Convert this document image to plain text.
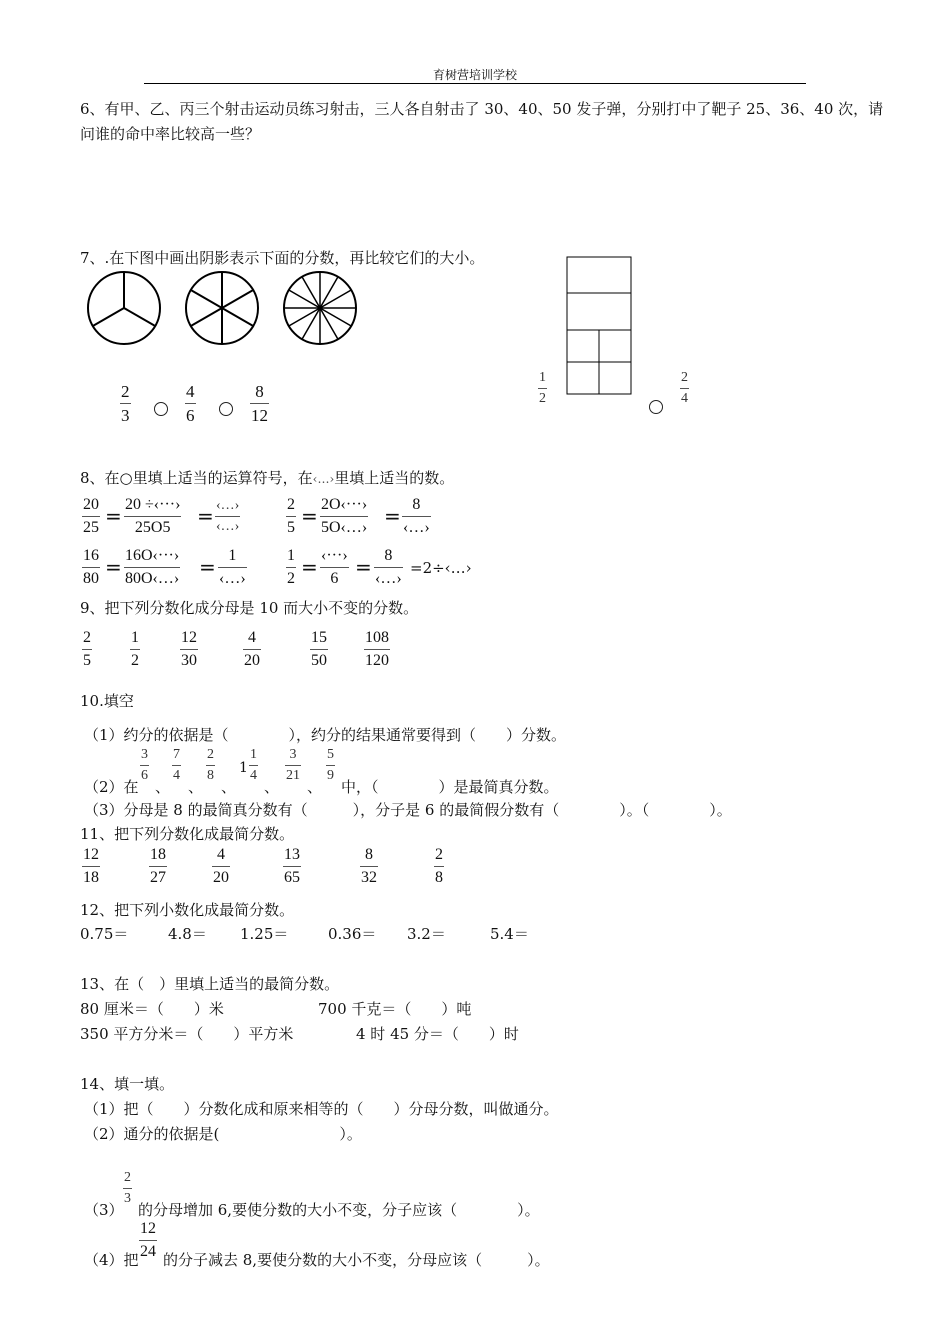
育树营培训学校
6、有甲、乙、丙三个射击运动员练习射击，三人各自射击了 30、40、50 发子弹，分别打中了靶子 25、36、40 次，请
问谁的命中率比较高一些？
7、.在下图中画出阴影表示下面的分数，再比较它们的大小。
2
3
4
6
8
12
1
2
2
4
8、在○里填上适当的运算符号，在‹…›里填上适当的数。
20
25 = 20 ÷‹···›
25O5 = ‹…›
‹…›
2
5 = 2O‹···›
5O‹…› = 8
‹…›
16
80 = 16O‹···›
80O‹…› = 1
‹…›
1
2 = ‹···›
6 = 8
‹…›
=2÷‹…›
9、把下列分数化成分母是 10 而大小不变的分数。
2
5
1
2
12
30
4
20
15
50
108
120
10.填空
（1）约分的依据是（　　　　），约分的结果通常要得到（　　）分数。
（2）在
3
6
、
7
4
、
2
8
、
1
1
4
、
3
21
、
5
9
中，（　　　　）是最简真分数。
（3）分母是 8 的最简真分数有（　　　），分子是 6 的最简假分数有（　　　　）。（　　　　）。
11、把下列分数化成最简分数。
12
18
18
27
4
20
13
65
8
32
2
8
12、把下列小数化成最简分数。
0.75＝	4.8＝ 1.25＝	0.36＝ 3.2＝	5.4＝
13、在（　）里填上适当的最简分数。
80 厘米＝（　　）米	700 千克＝（　　）吨
350 平方分米＝（　　）平方米	4 时 45 分＝（　　）时
14、填一填。
（1）把（　　）分数化成和原来相等的（　　）分母分数，叫做通分。
（2）通分的依据是(　　　　　　　　）。
（3）
2
3
的分母增加 6,要使分数的大小不变，分子应该（　　　　）。
（4）把
12
24 的分子减去 8,要使分数的大小不变，分母应该（　　　）。
